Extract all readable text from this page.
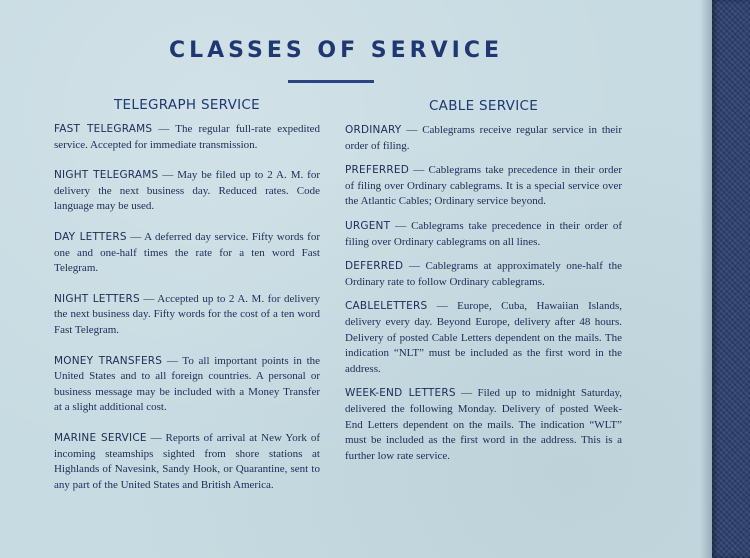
CLASSES OF SERVICE
TELEGRAPH SERVICE

FAST TELEGRAMS — The regular full-rate expedited service. Accepted for immediate transmission.

NIGHT TELEGRAMS — May be filed up to 2 A. M. for delivery the next business day. Reduced rates. Code language may be used.

DAY LETTERS — A deferred day service. Fifty words for one and one-half times the rate for a ten word Fast Telegram.

NIGHT LETTERS — Accepted up to 2 A. M. for delivery the next business day. Fifty words for the cost of a ten word Fast Telegram.

MONEY TRANSFERS — To all important points in the United States and to all foreign countries. A personal or business message may be included with a Money Transfer at a slight additional cost.

MARINE SERVICE — Reports of arrival at New York of incoming steamships sighted from shore stations at Highlands of Navesink, Sandy Hook, or Quarantine, sent to any part of the United States and British America.

CABLE SERVICE

ORDINARY — Cablegrams receive regular service in their order of filing.

PREFERRED — Cablegrams take precedence in their order of filing over Ordinary cablegrams. It is a special service over the Atlantic Cables; Ordinary service beyond.

URGENT — Cablegrams take precedence in their order of filing over Ordinary cablegrams on all lines.

DEFERRED — Cablegrams at approximately one-half the Ordinary rate to follow Ordinary cablegrams.

CABLELETTERS — Europe, Cuba, Hawaiian Islands, delivery every day. Beyond Europe, delivery after 48 hours. Delivery of posted Cable Letters dependent on the mails. The indication “NLT” must be included as the first word in the address.

WEEK-END LETTERS — Filed up to midnight Saturday, delivered the following Monday. Delivery of posted Week-End Letters dependent on the mails. The indication “WLT” must be included as the first word in the address. This is a further low rate service.
